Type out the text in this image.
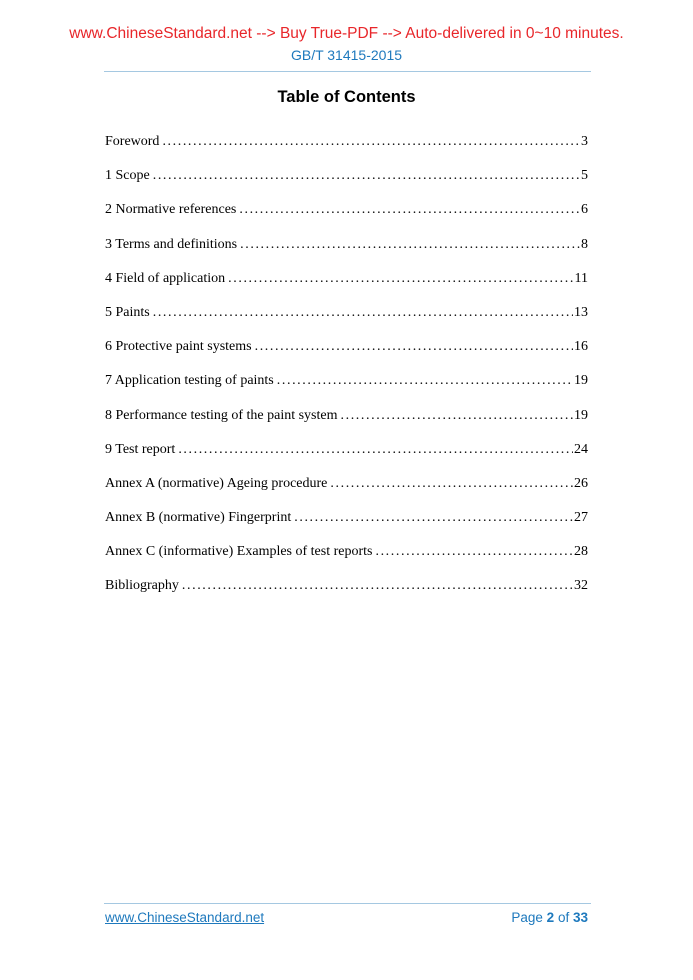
www.ChineseStandard.net --> Buy True-PDF --> Auto-delivered in 0~10 minutes.
GB/T 31415-2015
Table of Contents
Foreword .....	3
1 Scope .....	5
2 Normative references .....	6
3 Terms and definitions .....	8
4 Field of application .....	11
5 Paints .....	13
6 Protective paint systems .....	16
7 Application testing of paints .....	19
8 Performance testing of the paint system .....	19
9 Test report .....	24
Annex A (normative) Ageing procedure .....	26
Annex B (normative) Fingerprint .....	27
Annex C (informative) Examples of test reports .....	28
Bibliography .....	32
www.ChineseStandard.net	Page 2 of 33
